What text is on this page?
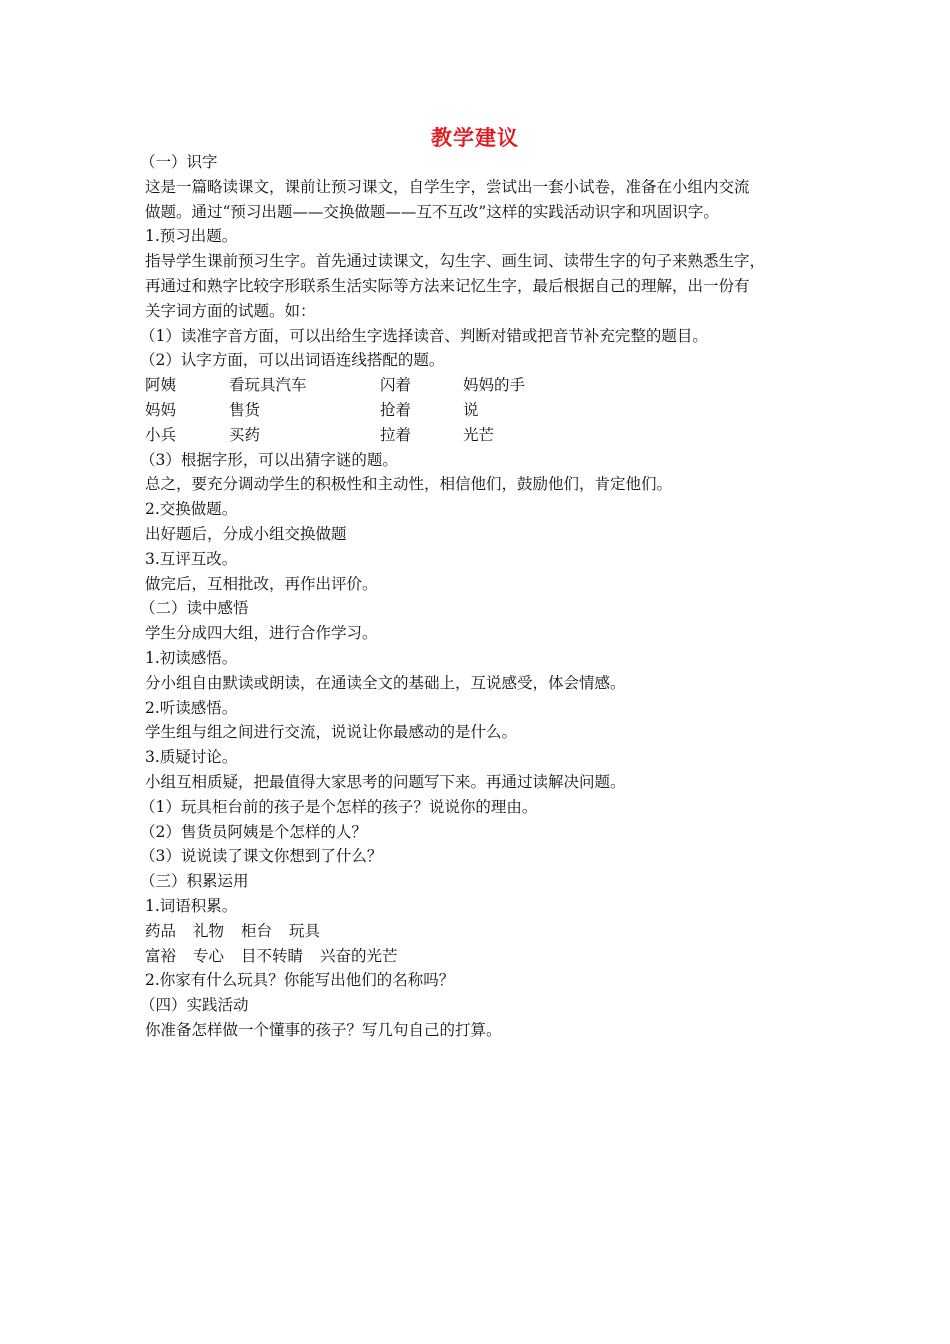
教学建议
（一）识字
这是一篇略读课文，课前让预习课文，自学生字，尝试出一套小试卷，准备在小组内交流
做题。通过“预习出题——交换做题——互不互改”这样的实践活动识字和巩固识字。
1.预习出题。
指导学生课前预习生字。首先通过读课文，勾生字、画生词、读带生字的句子来熟悉生字，
再通过和熟字比较字形联系生活实际等方法来记忆生字，最后根据自己的理解，出一份有
关字词方面的试题。如：
（1）读准字音方面，可以出给生字选择读音、判断对错或把音节补充完整的题目。
（2）认字方面，可以出词语连线搭配的题。
阿姨	看玩具汽车	闪着	妈妈的手
妈妈	售货	抢着	说
小兵	买药	拉着	光芒
（3）根据字形，可以出猜字谜的题。
总之，要充分调动学生的积极性和主动性，相信他们，鼓励他们，肯定他们。
2.交换做题。
出好题后，分成小组交换做题
3.互评互改。
做完后，互相批改，再作出评价。
（二）读中感悟
学生分成四大组，进行合作学习。
1.初读感悟。
分小组自由默读或朗读，在通读全文的基础上，互说感受，体会情感。
2.听读感悟。
学生组与组之间进行交流，说说让你最感动的是什么。
3.质疑讨论。
小组互相质疑，把最值得大家思考的问题写下来。再通过读解决问题。
（1）玩具柜台前的孩子是个怎样的孩子？说说你的理由。
（2）售货员阿姨是个怎样的人？
（3）说说读了课文你想到了什么？
（三）积累运用
1.词语积累。
药品 礼物 柜台 玩具
富裕 专心 目不转睛 兴奋的光芒
2.你家有什么玩具？你能写出他们的名称吗？
（四）实践活动
你准备怎样做一个懂事的孩子？写几句自己的打算。
